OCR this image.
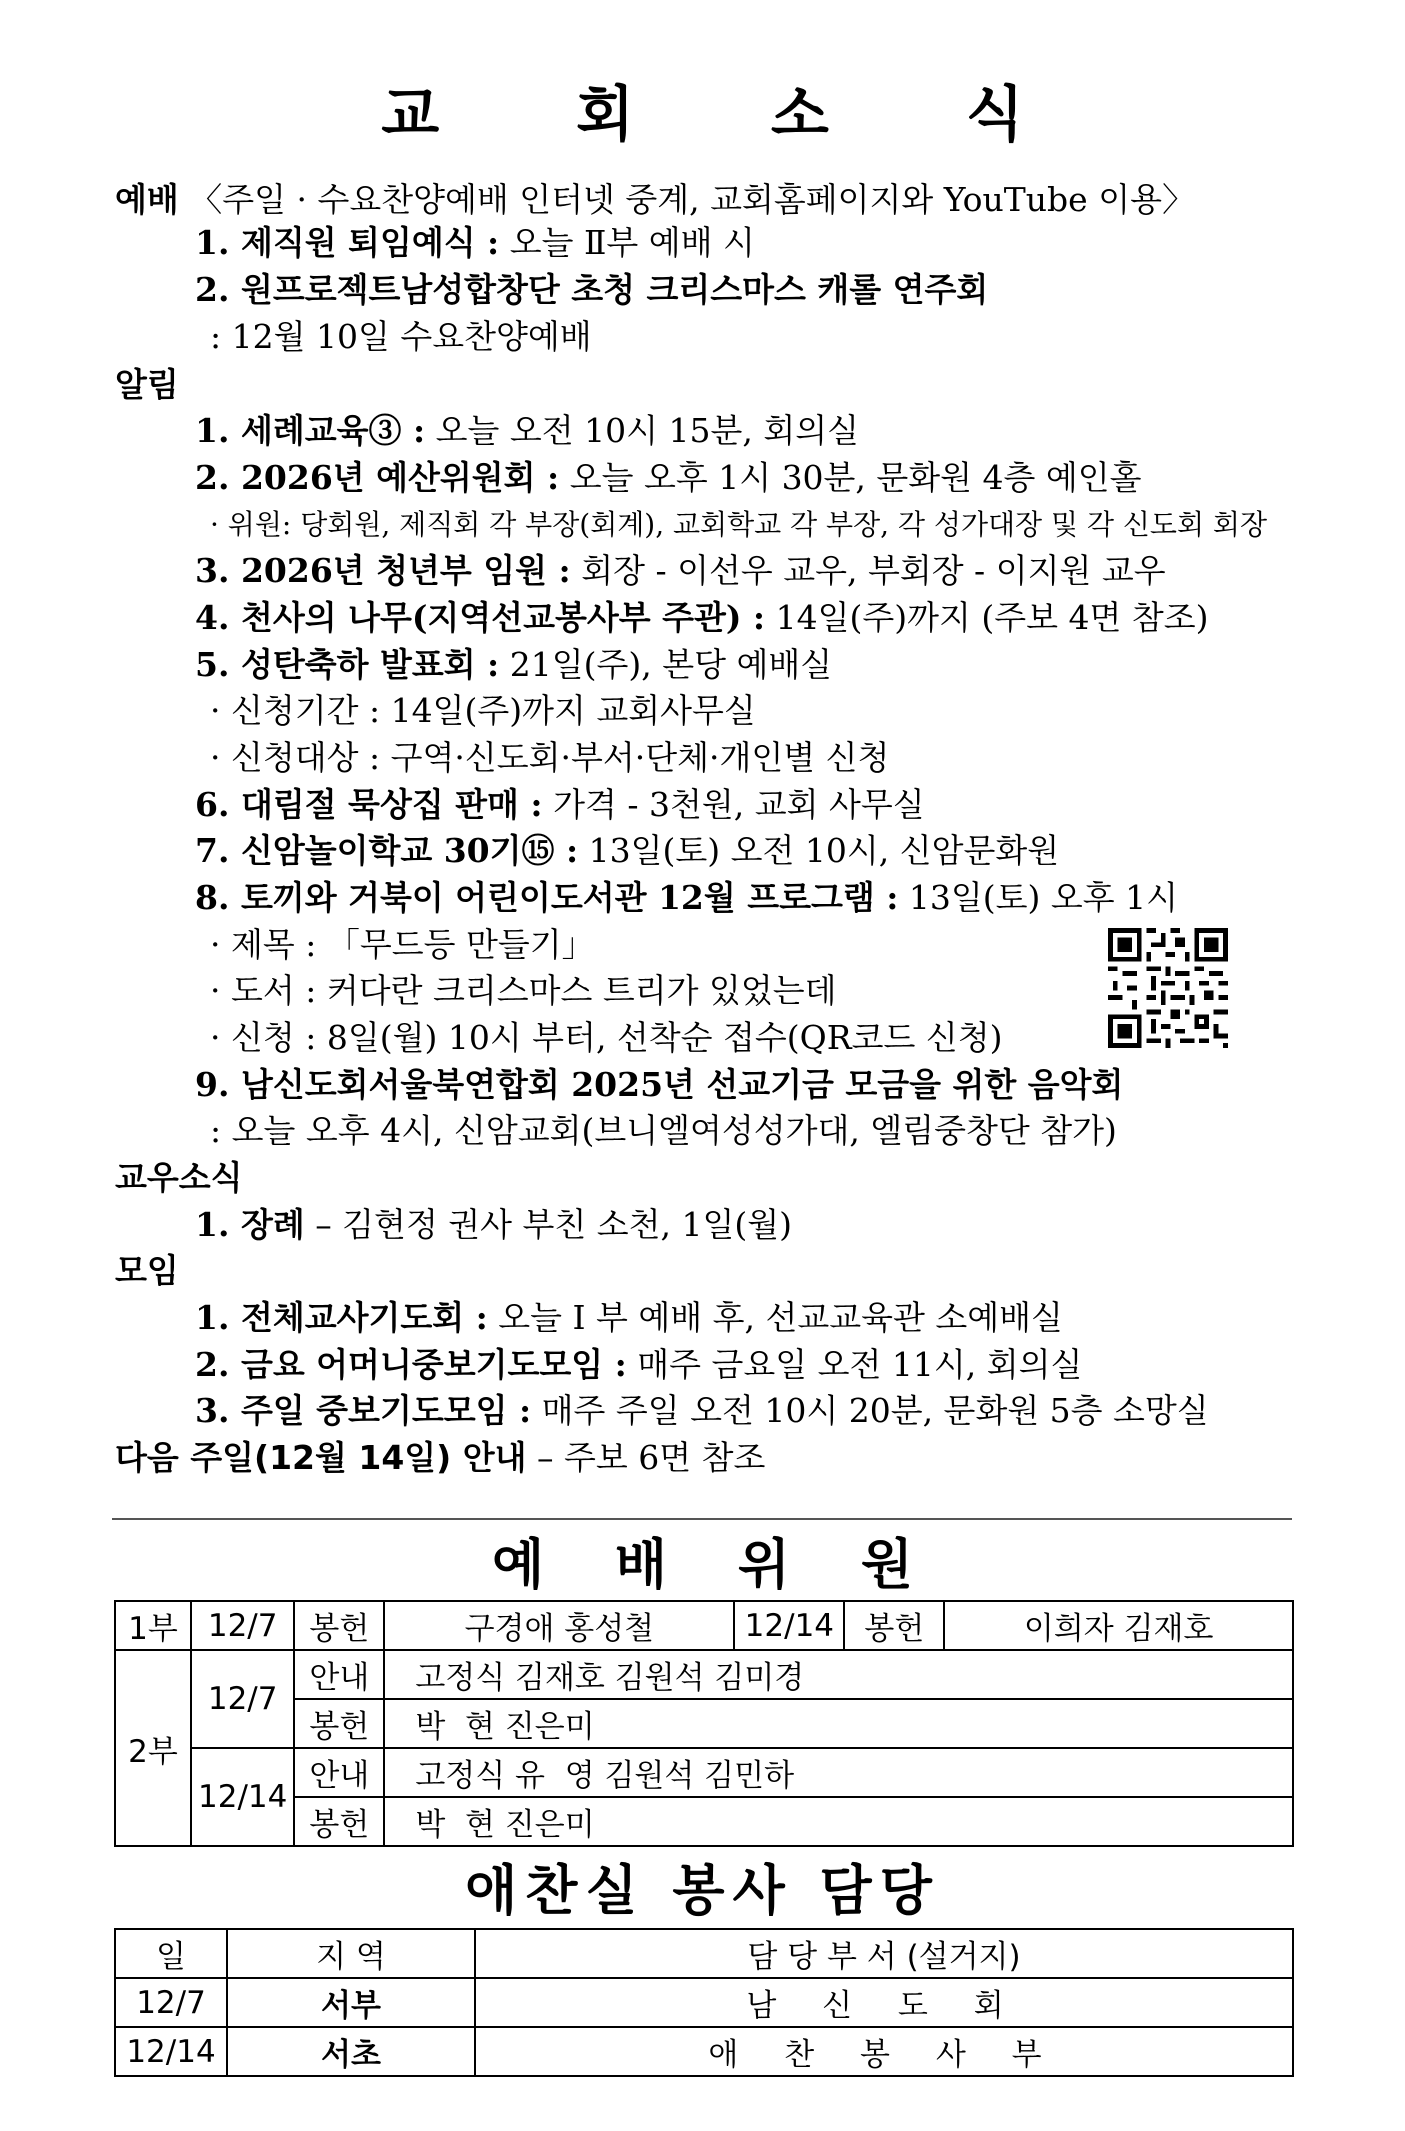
교 회 소 식
예배 〈주일 · 수요찬양예배 인터넷 중계, 교회홈페이지와 YouTube 이용〉
1. 제직원 퇴임예식 : 오늘 Ⅱ부 예배 시
2. 원프로젝트남성합창단 초청 크리스마스 캐롤 연주회
: 12월 10일 수요찬양예배
알림
1. 세례교육③ : 오늘 오전 10시 15분, 회의실
2. 2026년 예산위원회 : 오늘 오후 1시 30분, 문화원 4층 예인홀
· 위원: 당회원, 제직회 각 부장(회계), 교회학교 각 부장, 각 성가대장 및 각 신도회 회장
3. 2026년 청년부 임원 : 회장 - 이선우 교우, 부회장 - 이지원 교우
4. 천사의 나무(지역선교봉사부 주관) : 14일(주)까지 (주보 4면 참조)
5. 성탄축하 발표회 : 21일(주), 본당 예배실
· 신청기간 : 14일(주)까지 교회사무실
· 신청대상 : 구역·신도회·부서·단체·개인별 신청
6. 대림절 묵상집 판매 : 가격 - 3천원, 교회 사무실
7. 신암놀이학교 30기⑮ : 13일(토) 오전 10시, 신암문화원
8. 토끼와 거북이 어린이도서관 12월 프로그램 : 13일(토) 오후 1시
· 제목 : 「무드등 만들기」
· 도서 : 커다란 크리스마스 트리가 있었는데
· 신청 : 8일(월) 10시 부터, 선착순 접수(QR코드 신청)
9. 남신도회서울북연합회 2025년 선교기금 모금을 위한 음악회
: 오늘 오후 4시, 신암교회(브니엘여성성가대, 엘림중창단 참가)
교우소식
1. 장례 – 김현정 권사 부친 소천, 1일(월)
모임
1. 전체교사기도회 : 오늘 I 부 예배 후, 선교교육관 소예배실
2. 금요 어머니중보기도모임 : 매주 금요일 오전 11시, 회의실
3. 주일 중보기도모임 : 매주 주일 오전 10시 20분, 문화원 5층 소망실
다음 주일(12월 14일) 안내 – 주보 6면 참조
예 배 위 원
1부	12/7	봉헌	구경애 홍성철	12/14	봉헌	이희자 김재호
2부	12/7	안내	고정식 김재호 김원석 김미경			
		봉헌	박  현 진은미			
	12/14	안내	고정식 유  영 김원석 김민하			
		봉헌	박  현 진은미			
애찬실 봉사 담당
일	지 역	담 당 부 서 (설거지)
12/7	서부	남 신 도 회
12/14	서초	애 찬 봉 사 부
